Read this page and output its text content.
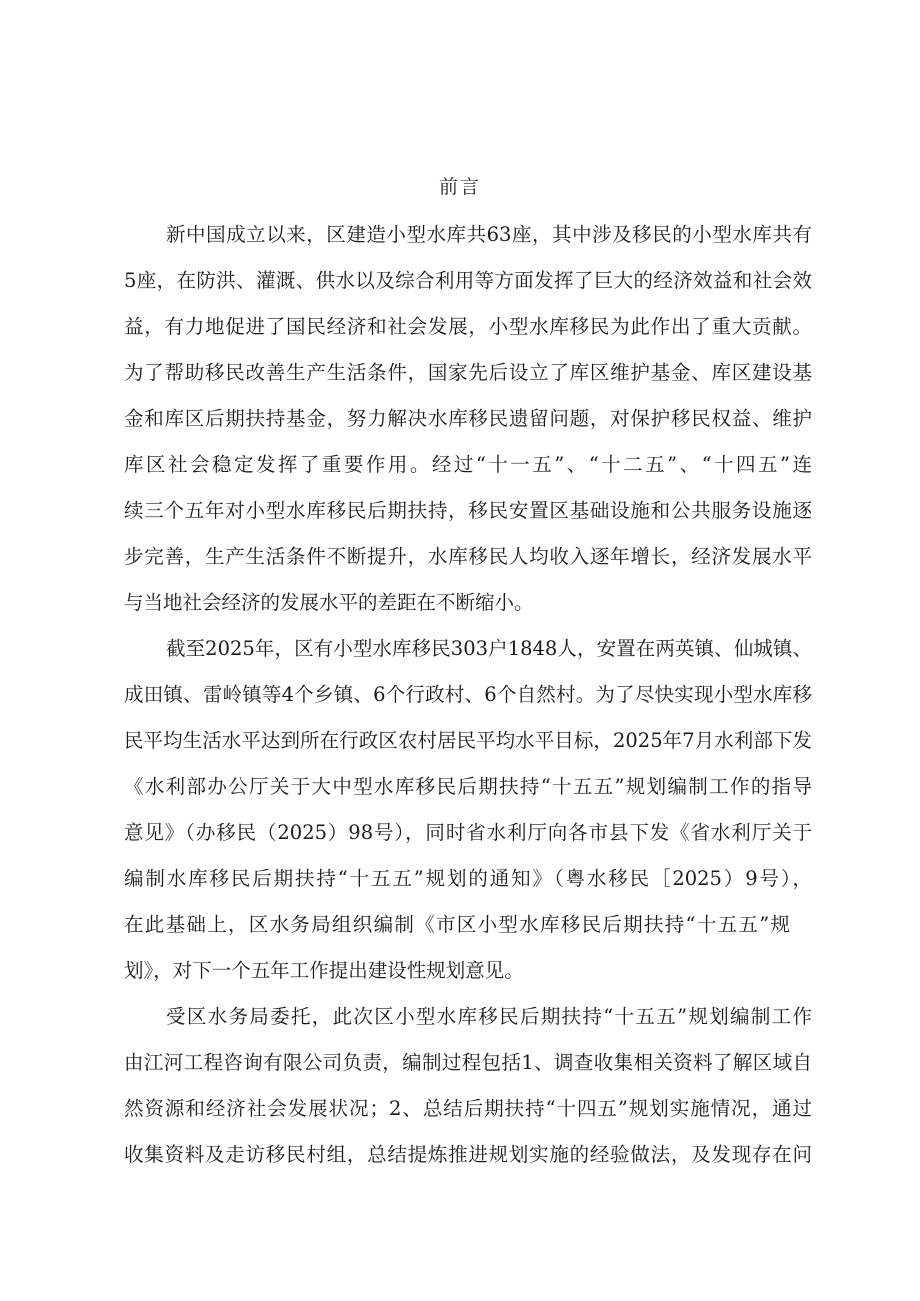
前言
新中国成立以来，区建造小型水库共63座，其中涉及移民的小型水库共有
5座，在防洪、灌溉、供水以及综合利用等方面发挥了巨大的经济效益和社会效
益，有力地促进了国民经济和社会发展，小型水库移民为此作出了重大贡献。
为了帮助移民改善生产生活条件，国家先后设立了库区维护基金、库区建设基
金和库区后期扶持基金，努力解决水库移民遗留问题，对保护移民权益、维护
库区社会稳定发挥了重要作用。经过“十一五”、“十二五”、“十四五”连
续三个五年对小型水库移民后期扶持，移民安置区基础设施和公共服务设施逐
步完善，生产生活条件不断提升，水库移民人均收入逐年增长，经济发展水平
与当地社会经济的发展水平的差距在不断缩小。
截至2025年，区有小型水库移民303户1848人，安置在两英镇、仙城镇、
成田镇、雷岭镇等4个乡镇、6个行政村、6个自然村。为了尽快实现小型水库移
民平均生活水平达到所在行政区农村居民平均水平目标，2025年7月水利部下发
《水利部办公厅关于大中型水库移民后期扶持“十五五”规划编制工作的指导
意见》（办移民（2025）98号），同时省水利厅向各市县下发《省水利厅关于
编制水库移民后期扶持“十五五”规划的通知》（粤水移民［2025）9号），
在此基础上，区水务局组织编制《市区小型水库移民后期扶持“十五五”规
划》，对下一个五年工作提出建设性规划意见。
受区水务局委托，此次区小型水库移民后期扶持“十五五”规划编制工作
由江河工程咨询有限公司负责，编制过程包括1、调查收集相关资料了解区域自
然资源和经济社会发展状况；2、总结后期扶持“十四五”规划实施情况，通过
收集资料及走访移民村组，总结提炼推进规划实施的经验做法，及发现存在问
